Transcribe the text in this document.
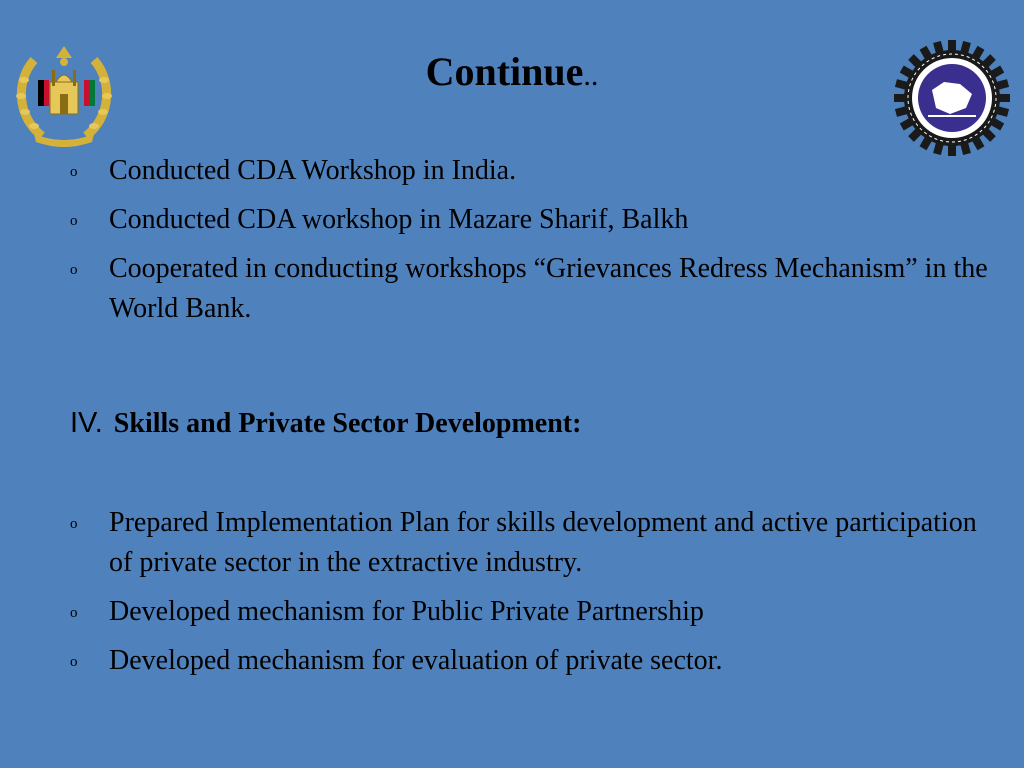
Continue..
o Conducted CDA Workshop in India.
o Conducted CDA workshop in Mazare Sharif, Balkh
o Cooperated in conducting workshops “Grievances Redress Mechanism” in the World Bank.
IV. Skills and Private Sector Development:
o Prepared Implementation Plan for skills development and active participation of private sector in the extractive industry.
o Developed mechanism for Public Private Partnership
o Developed mechanism for evaluation of private sector.
